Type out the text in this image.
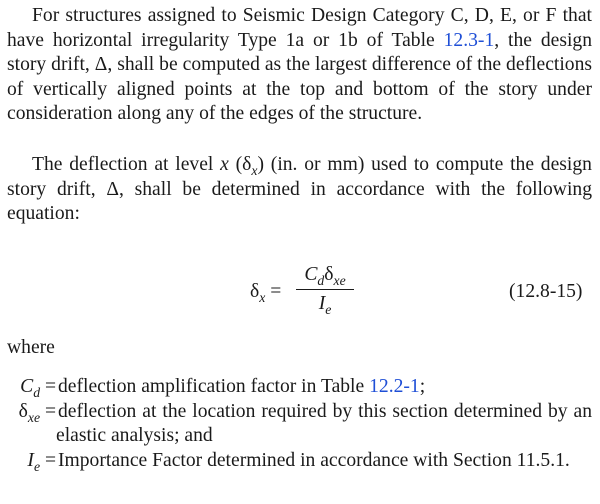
For structures assigned to Seismic Design Category C, D, E, or F that have horizontal irregularity Type 1a or 1b of Table 12.3-1, the design story drift, Δ, shall be computed as the largest difference of the deflections of vertically aligned points at the top and bottom of the story under consideration along any of the edges of the structure.

The deflection at level x $(\delta_x)$ (in. or mm) used to compute the design story drift, Δ, shall be determined in accordance with the following equation:

$\delta_x$ =
$C_d\delta_{xe}$
$I_e$
(12.8-15)

where

$C_d$ = deflection amplification factor in Table 12.2-1;
$\delta_{xe}$ = deflection at the location required by this section determined by an elastic analysis; and
$I_e$ = Importance Factor determined in accordance with Section 11.5.1.
